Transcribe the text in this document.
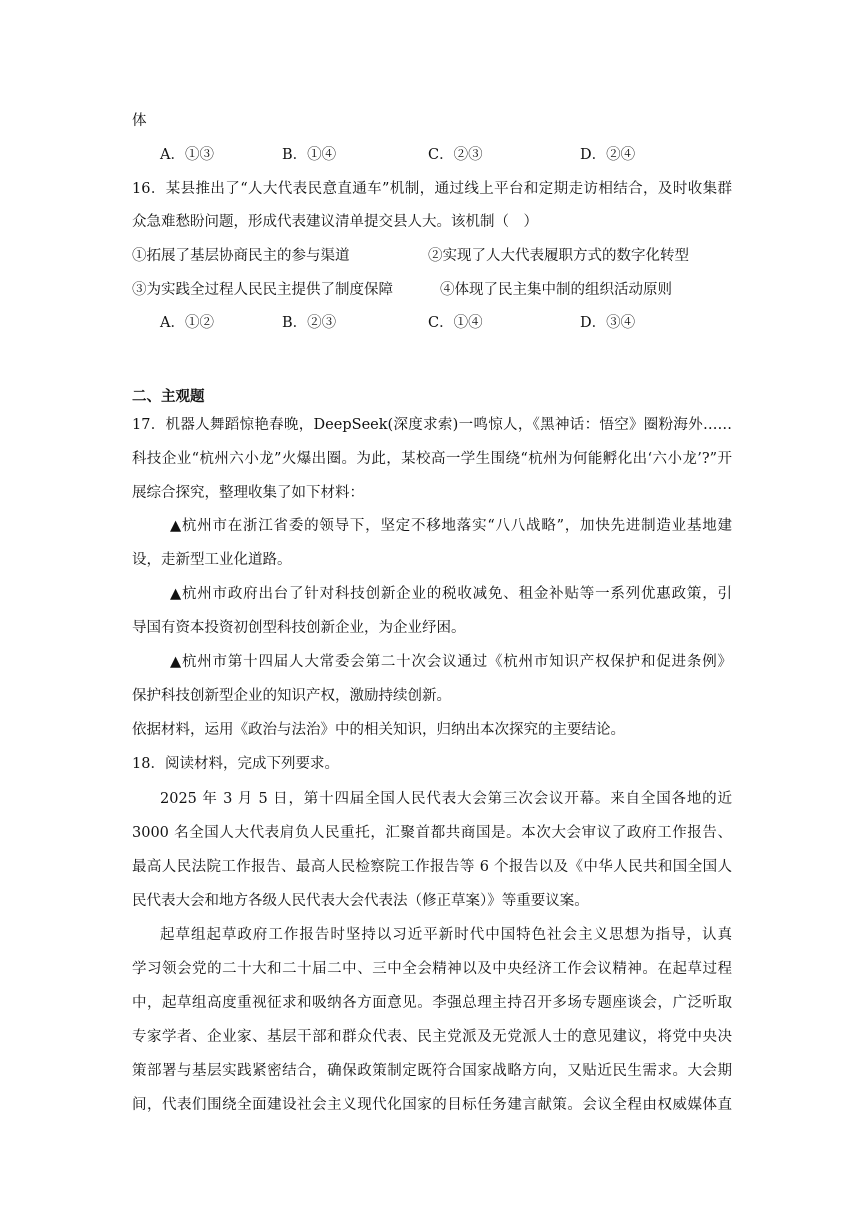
体
A．①③	B．①④	C．②③	D．②④
16．某县推出了“人大代表民意直通车”机制，通过线上平台和定期走访相结合，及时收集群
众急难愁盼问题，形成代表建议清单提交县人大。该机制（　）
①拓展了基层协商民主的参与渠道	②实现了人大代表履职方式的数字化转型
③为实践全过程人民民主提供了制度保障	④体现了民主集中制的组织活动原则
A．①②	B．②③	C．①④	D．③④
二、主观题
17．机器人舞蹈惊艳春晚，DeepSeek(深度求索)一鸣惊人，《黑神话：悟空》圈粉海外……
科技企业“杭州六小龙”火爆出圈。为此，某校高一学生围绕“杭州为何能孵化出‘六小龙’?”开
展综合探究，整理收集了如下材料：
▲杭州市在浙江省委的领导下，坚定不移地落实“八八战略”，加快先进制造业基地建
设，走新型工业化道路。
▲杭州市政府出台了针对科技创新企业的税收减免、租金补贴等一系列优惠政策，引
导国有资本投资初创型科技创新企业，为企业纾困。
▲杭州市第十四届人大常委会第二十次会议通过《杭州市知识产权保护和促进条例》
保护科技创新型企业的知识产权，激励持续创新。
依据材料，运用《政治与法治》中的相关知识，归纳出本次探究的主要结论。
18．阅读材料，完成下列要求。
2025 年 3 月 5 日，第十四届全国人民代表大会第三次会议开幕。来自全国各地的近
3000 名全国人大代表肩负人民重托，汇聚首都共商国是。本次大会审议了政府工作报告、
最高人民法院工作报告、最高人民检察院工作报告等 6 个报告以及《中华人民共和国全国人
民代表大会和地方各级人民代表大会代表法（修正草案）》等重要议案。
起草组起草政府工作报告时坚持以习近平新时代中国特色社会主义思想为指导，认真
学习领会党的二十大和二十届二中、三中全会精神以及中央经济工作会议精神。在起草过程
中，起草组高度重视征求和吸纳各方面意见。李强总理主持召开多场专题座谈会，广泛听取
专家学者、企业家、基层干部和群众代表、民主党派及无党派人士的意见建议，将党中央决
策部署与基层实践紧密结合，确保政策制定既符合国家战略方向，又贴近民生需求。大会期
间，代表们围绕全面建设社会主义现代化国家的目标任务建言献策。会议全程由权威媒体直
